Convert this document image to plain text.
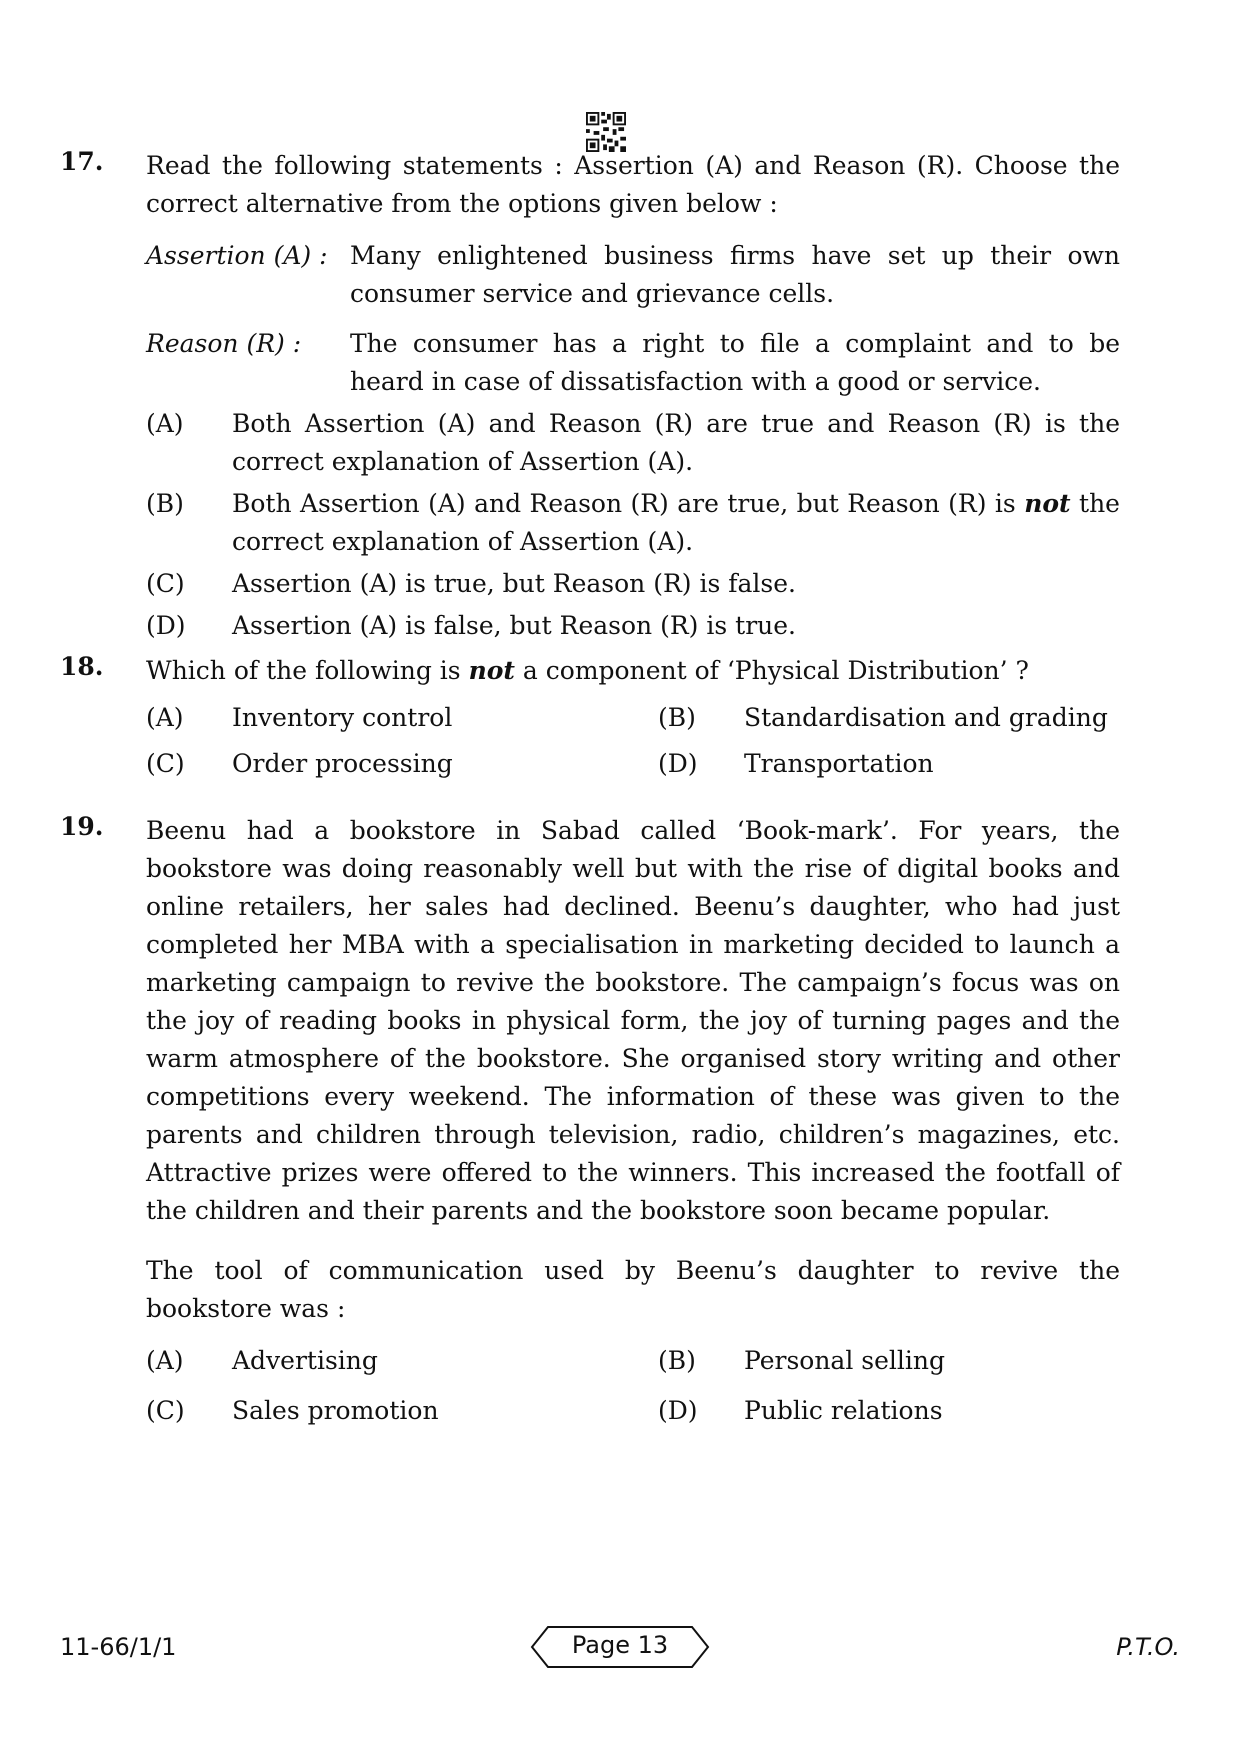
17. Read the following statements : Assertion (A) and Reason (R). Choose the correct alternative from the options given below :
Assertion (A) : Many enlightened business firms have set up their own consumer service and grievance cells.
Reason (R) :	The consumer has a right to file a complaint and to be heard in case of dissatisfaction with a good or service.
(A)	Both Assertion (A) and Reason (R) are true and Reason (R) is the correct explanation of Assertion (A).
(B)	Both Assertion (A) and Reason (R) are true, but Reason (R) is not the correct explanation of Assertion (A).
(C)	Assertion (A) is true, but Reason (R) is false.
(D)	Assertion (A) is false, but Reason (R) is true.
18. Which of the following is not a component of ‘Physical Distribution’ ?
(A)	Inventory control	(B)	Standardisation and grading
(C)	Order processing	(D)	Transportation
19. Beenu had a bookstore in Sabad called ‘Book-mark’. For years, the bookstore was doing reasonably well but with the rise of digital books and online retailers, her sales had declined. Beenu’s daughter, who had just completed her MBA with a specialisation in marketing decided to launch a marketing campaign to revive the bookstore. The campaign’s focus was on the joy of reading books in physical form, the joy of turning pages and the warm atmosphere of the bookstore. She organised story writing and other competitions every weekend. The information of these was given to the parents and children through television, radio, children’s magazines, etc. Attractive prizes were offered to the winners. This increased the footfall of the children and their parents and the bookstore soon became popular.
The tool of communication used by Beenu’s daughter to revive the bookstore was :
(A)	Advertising	(B)	Personal selling
(C)	Sales promotion	(D)	Public relations
11-66/1/1	Page 13	P.T.O.
